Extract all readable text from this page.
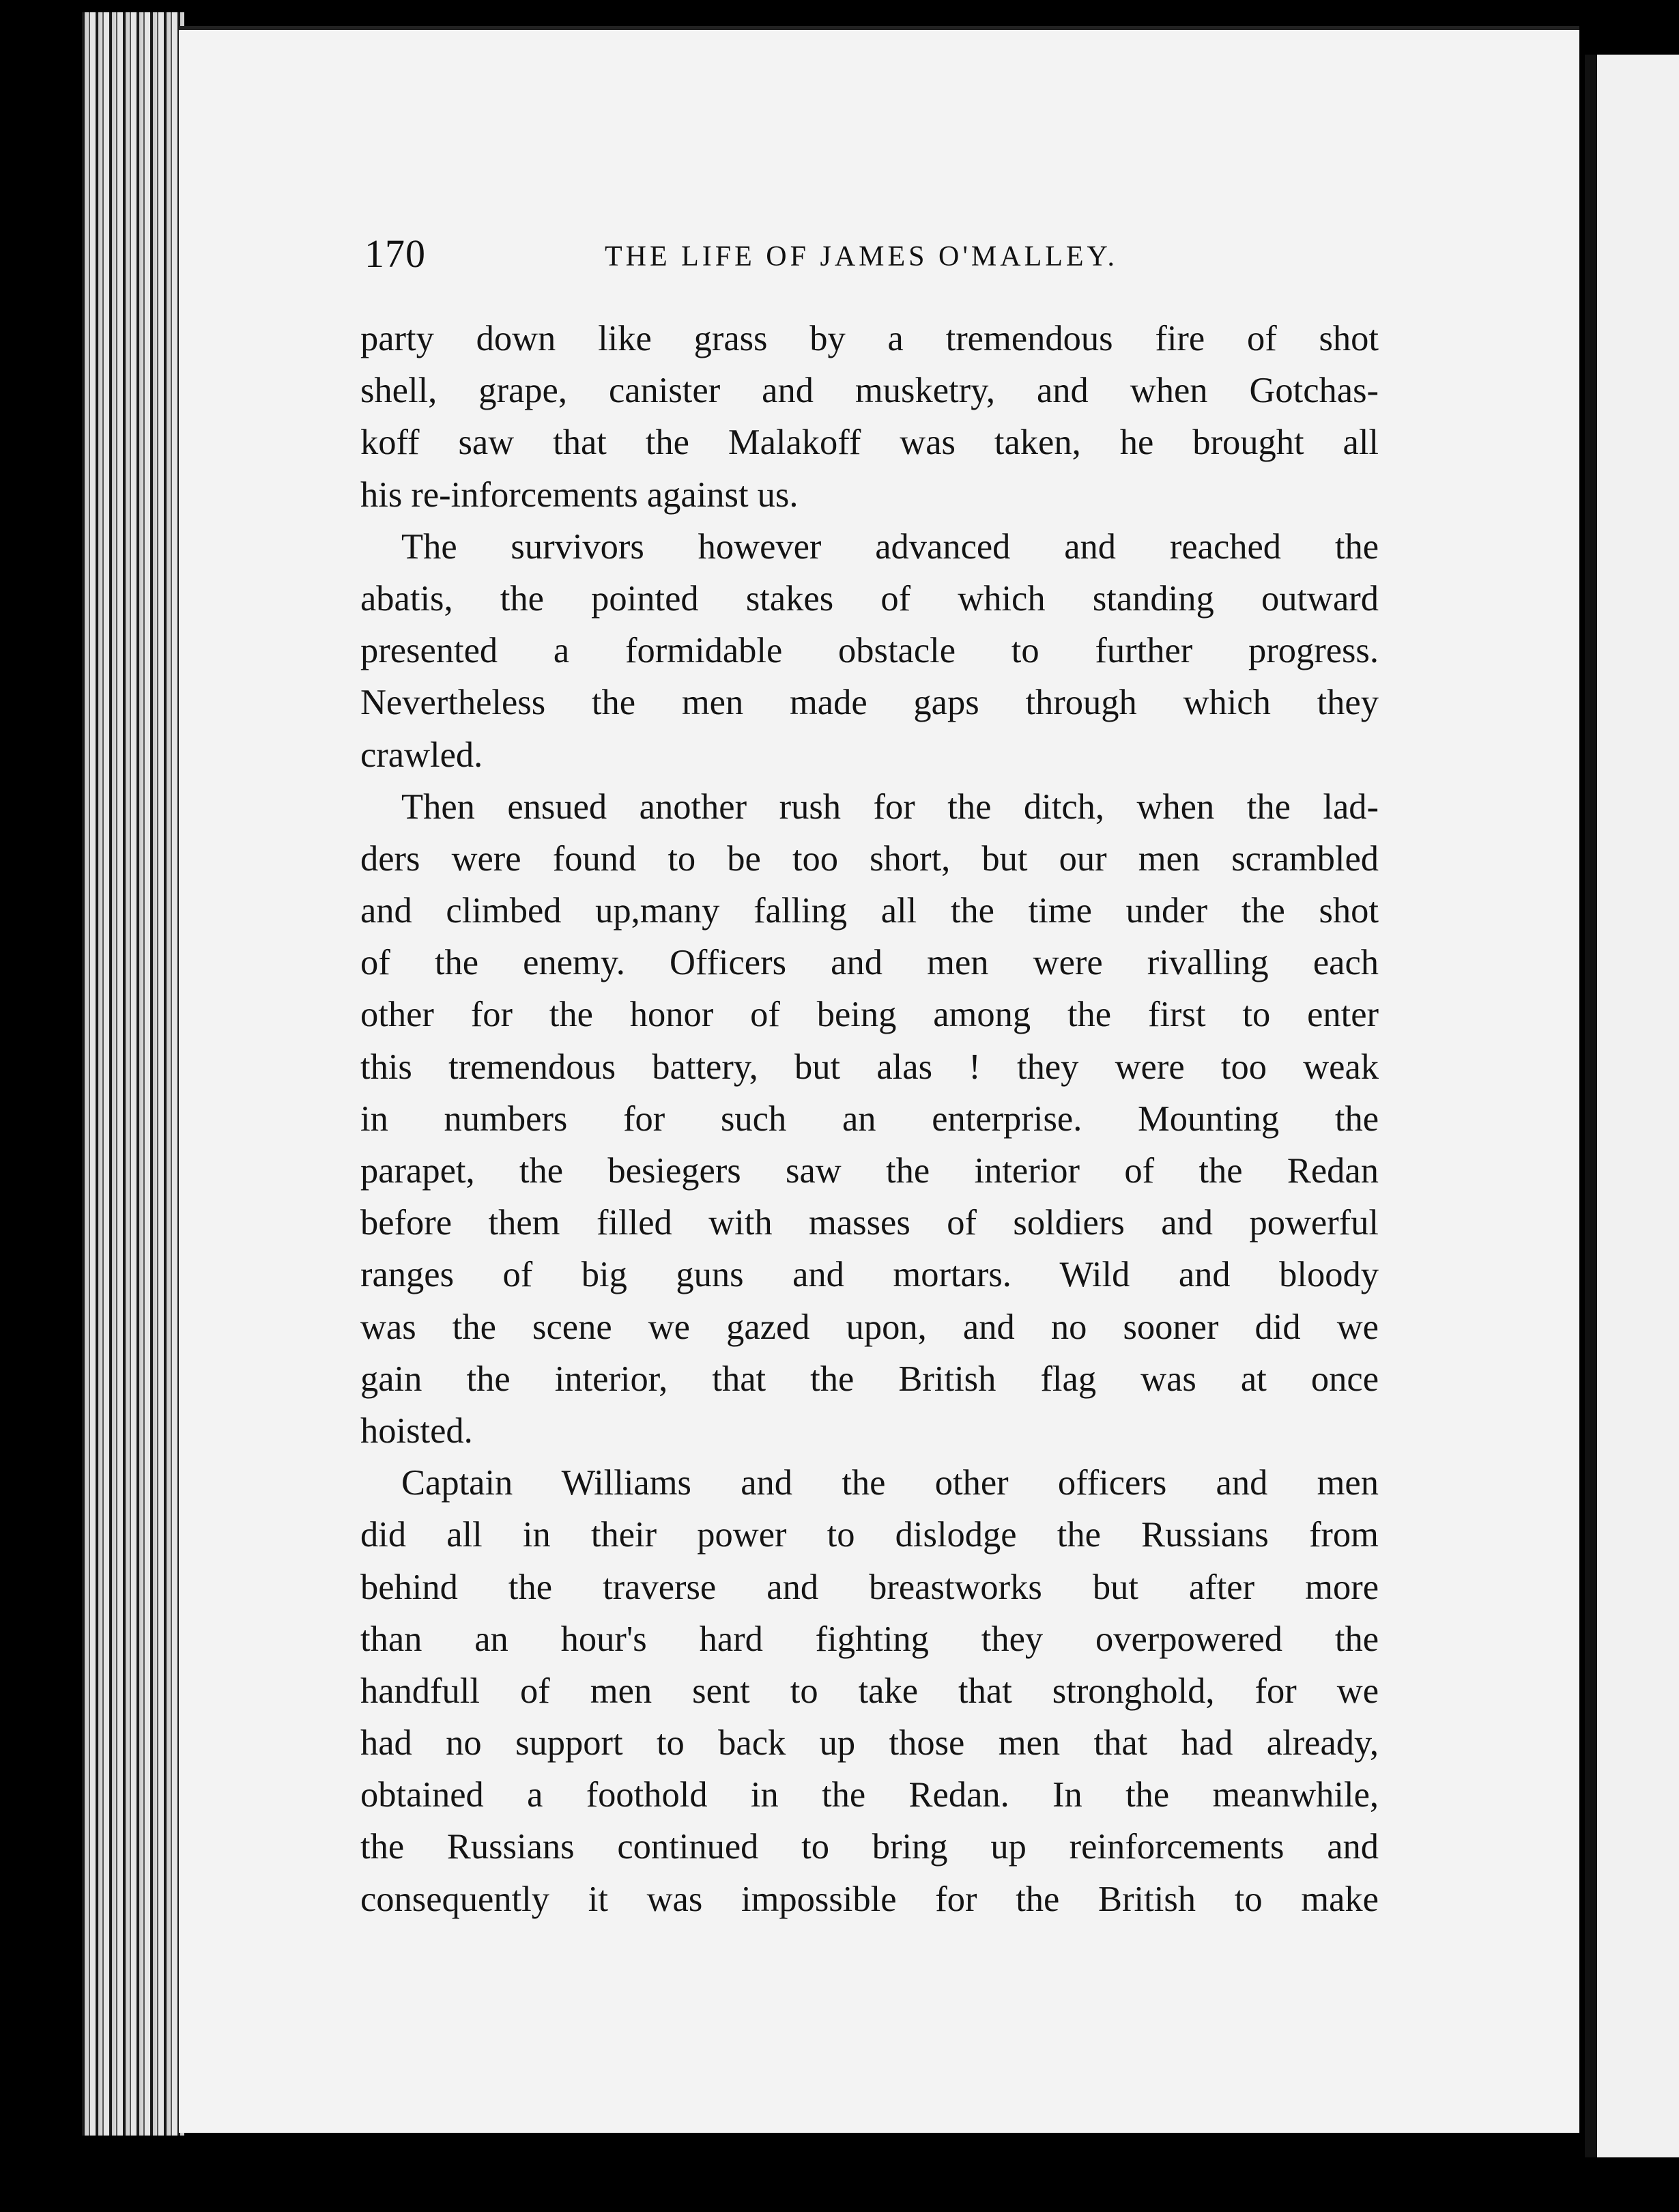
170	THE LIFE OF JAMES O'MALLEY.
party down like grass by a tremendous fire of shot
shell, grape, canister and musketry, and when Gotchas-
koff saw that the Malakoff was taken, he brought all
his re-inforcements against us.
The survivors however advanced and reached the
abatis, the pointed stakes of which standing outward
presented a formidable obstacle to further progress.
Nevertheless the men made gaps through which they
crawled.
Then ensued another rush for the ditch, when the lad-
ders were found to be too short, but our men scrambled
and climbed up,many falling all the time under the shot
of the enemy. Officers and men were rivalling each
other for the honor of being among the first to enter
this tremendous battery, but alas ! they were too weak
in numbers for such an enterprise. Mounting the
parapet, the besiegers saw the interior of the Redan
before them filled with masses of soldiers and powerful
ranges of big guns and mortars. Wild and bloody
was the scene we gazed upon, and no sooner did we
gain the interior, that the British flag was at once
hoisted.
Captain Williams and the other officers and men
did all in their power to dislodge the Russians from
behind the traverse and breastworks but after more
than an hour's hard fighting they overpowered the
handfull of men sent to take that stronghold, for we
had no support to back up those men that had already,
obtained a foothold in the Redan. In the meanwhile,
the Russians continued to bring up reinforcements and
consequently it was impossible for the British to make
